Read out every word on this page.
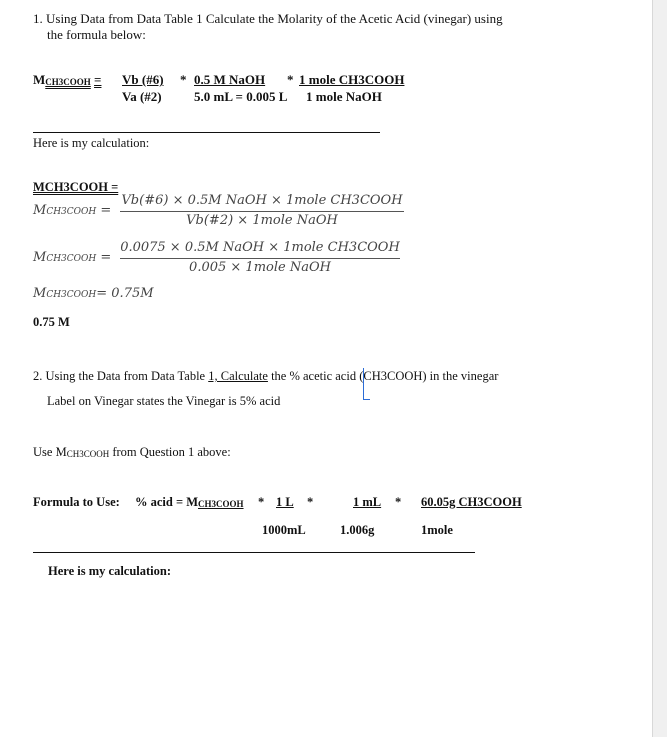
1. Using Data from Data Table 1 Calculate the Molarity of the Acetic Acid (vinegar) using
the formula below:
MCH3COOH = Vb (#6)
Va (#2)
* 0.5 M NaOH
5.0 mL = 0.005 L
* 1 mole CH3COOH
1 mole NaOH
Here is my calculation:
MCH3COOH =
MCH3COOH =
Vb(#6) × 0.5M NaOH × 1mole CH3COOH
Vb(#2) × 1mole NaOH
MCH3COOH =
0.0075 × 0.5M NaOH × 1mole CH3COOH
0.005 × 1mole NaOH
MCH3COOH= 0.75M
0.75 M
2. Using the Data from Data Table 1, Calculate the % acetic acid (CH3COOH) in the vinegar
Label on Vinegar states the Vinegar is 5% acid
Use MCH3COOH from Question 1 above:
Formula to Use: % acid = MCH3COOH * 1 L
1000mL
*	1 mL
1.006g
* 60.05g CH3COOH
1mole
Here is my calculation:
